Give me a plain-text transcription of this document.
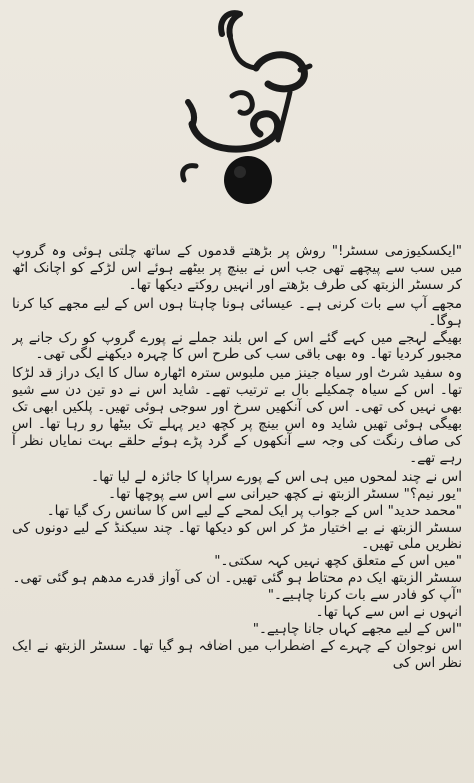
"ایکسکیوزمی سسٹر!" روش پر بڑھتے قدموں کے ساتھ چلتی ہوئی وہ گروپ میں سب سے پیچھے تھی جب اس نے بینچ پر بیٹھے ہوئے اس لڑکے کو اچانک اٹھ کر سسٹر الزبتھ کی طرف بڑھتے اور انہیں روکتے دیکھا تھا۔

مجھے آپ سے بات کرنی ہے۔ عیسائی ہونا چاہتا ہوں اس کے لیے مجھے کیا کرنا ہوگا۔

بھیگے لہجے میں کہے گئے اس کے اس بلند جملے نے پورے گروپ کو رک جانے پر مجبور کردیا تھا۔ وہ بھی باقی سب کی طرح اس کا چہرہ دیکھنے لگی تھی۔

وہ سفید شرٹ اور سیاہ جینز میں ملبوس سترہ اٹھارہ سال کا ایک دراز قد لڑکا تھا۔ اس کے سیاہ چمکیلے بال بے ترتیب تھے۔ شاید اس نے دو تین دن سے شیو بھی نہیں کی تھی۔ اس کی آنکھیں سرخ اور سوجی ہوئی تھیں۔ پلکیں ابھی تک بھیگی ہوئی تھیں شاید وہ اس بینچ پر کچھ دیر پہلے تک بیٹھا رو رہا تھا۔ اس کی صاف رنگت کی وجہ سے آنکھوں کے گرد پڑے ہوئے حلقے بہت نمایاں نظر آ رہے تھے۔

اس نے چند لمحوں میں ہی اس کے پورے سراپا کا جائزہ لے لیا تھا۔

"یور نیم؟" سسٹر الزبتھ نے کچھ حیرانی سے اس سے پوچھا تھا۔

"محمد حدید" اس کے جواب پر ایک لمحے کے لیے اس کا سانس رک گیا تھا۔

سسٹر الزبتھ نے بے اختیار مڑ کر اس کو دیکھا تھا۔ چند سیکنڈ کے لیے دونوں کی نظریں ملی تھیں۔

"میں اس کے متعلق کچھ نہیں کہہ سکتی۔"

سسٹر الزبتھ ایک دم محتاط ہو گئی تھیں۔ ان کی آواز قدرے مدھم ہو گئی تھی۔

"آپ کو فادر سے بات کرنا چاہیے۔"

انہوں نے اس سے کہا تھا۔

"اس کے لیے مجھے کہاں جانا چاہیے۔"

اس نوجوان کے چہرے کے اضطراب میں اضافہ ہو گیا تھا۔ سسٹر الزبتھ نے ایک نظر اس کی
